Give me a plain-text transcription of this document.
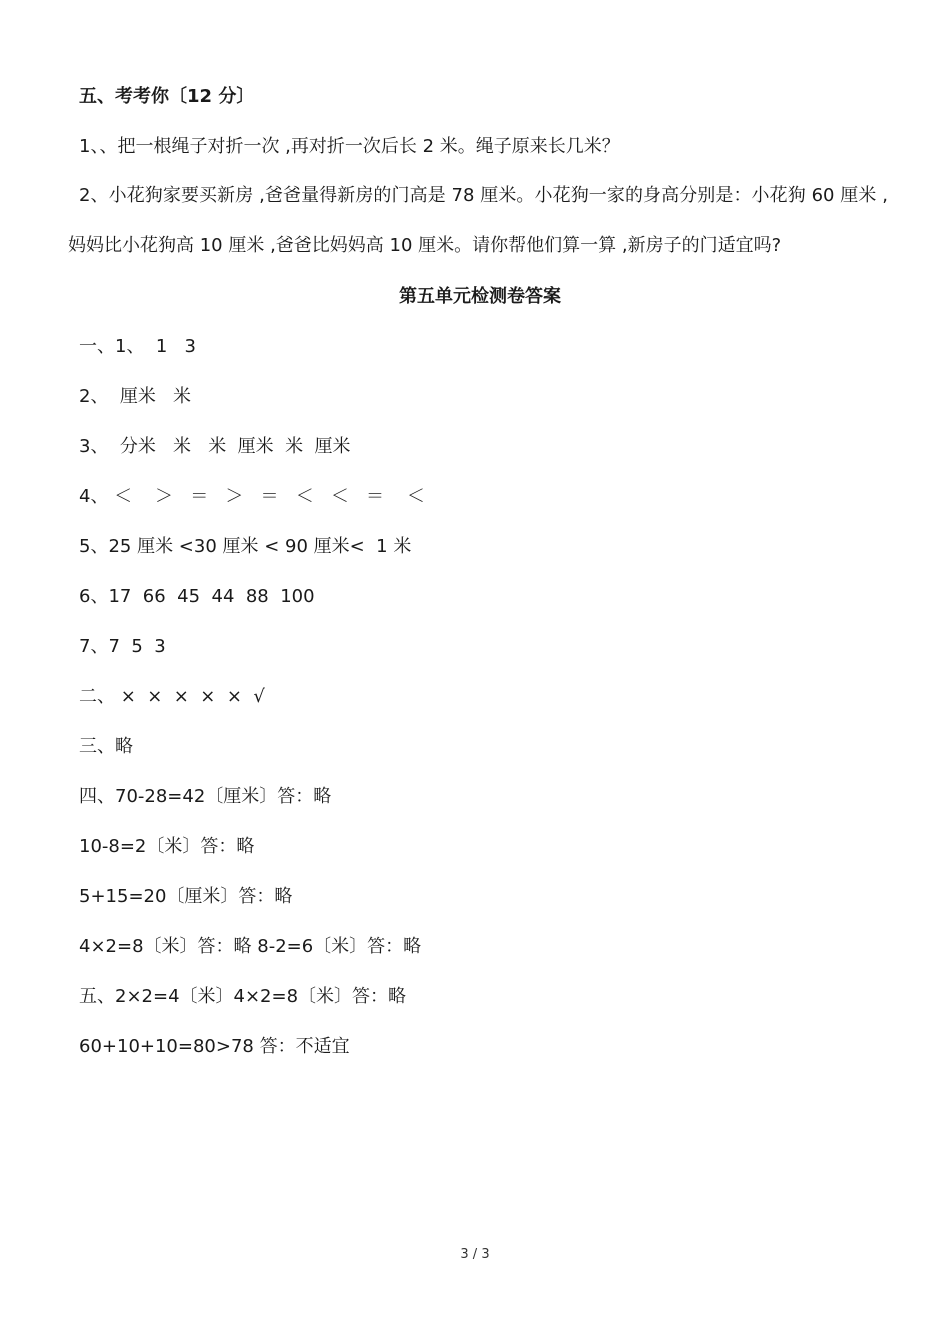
五、考考你〔12 分〕
1、、把一根绳子对折一次 ,再对折一次后长 2 米。绳子原来长几米？
2、小花狗家要买新房 ,爸爸量得新房的门高是 78 厘米。小花狗一家的身高分别是：小花狗 60 厘米 ,妈妈比小花狗高 10 厘米 ,爸爸比妈妈高 10 厘米。请你帮他们算一算 ,新房子的门适宜吗?
第五单元检测卷答案
一、1、  1   3
2、  厘米   米
3、  分米   米   米  厘米  米  厘米
4、 ＜    ＞   ＝   ＞   ＝   ＜   ＜   ＝    ＜
5、25 厘米 <30 厘米 < 90 厘米<  1 米
6、17  66  45  44  88  100
7、7  5  3
二、 ×  ×  ×  ×  ×  √
三、略
四、70-28=42〔厘米〕答：略
10-8=2〔米〕答：略
5+15=20〔厘米〕答：略
4×2=8〔米〕答：略 8-2=6〔米〕答：略
五、2×2=4〔米〕4×2=8〔米〕答：略
60+10+10=80>78 答：不适宜
3 / 3
